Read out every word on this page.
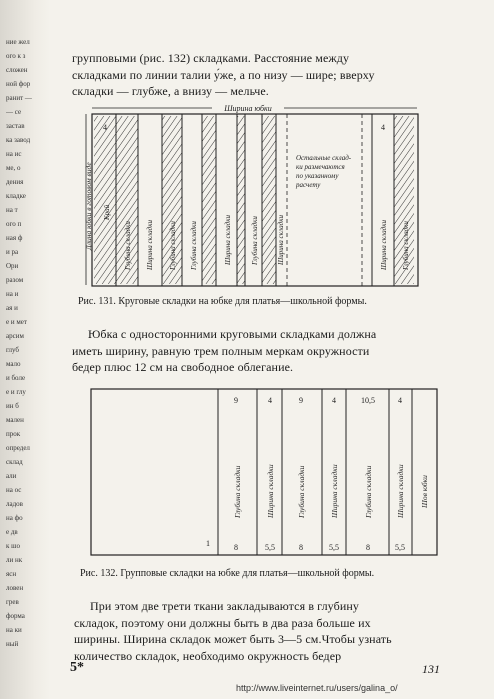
ние жел
ого к з
сложен
ной фор
ранит —
— се
застав
ка завод
на ис
ме, о
дения
кладке
на т
ого п
ная ф
и ра
Ори
разом
на и
ая и
е и мет
арсим
глуб
мало
и боле
е и глу
ин б
мален
прок
определ
склад
али
на ос
ладов
на фо
е дв
к шо
ли нк
ясн
ловен
грев
форма
на ки
ный
групповыми (рис. 132) складками. Расстояние между
складками по линии талии у́же, а по низу — шире; вверху
складки — глубже, а внизу — мельче.
Ширина юбки
Длина юбки в готовом виде
4	4
Край
Глубина складки Ширина складки Глубина складки Глубина складки	Ширина складки	Глубина складки	Ширина складки
Остальные склад-
ки размечаются
по указанному
расчету
Ширина складки Глубина складки
Рис. 131. Круговые складки на юбке для платья—школьной формы.
Юбка с односторонними круговыми складками должна
иметь ширину, равную трем полным меркам окружности
бедер плюс 12 см на свободное облегание.
9	4	9	4	10,5	4
1	8	5,5	8	5,5	8	5,5
Глубина складки	Ширина складки	Глубина складки	Ширина складки	Глубина складки	Ширина складки Шов юбки
Рис. 132. Групповые складки на юбке для платья—школьной формы.
При этом две трети ткани закладываются в глубину
складок, поэтому они должны быть в два раза больше их
ширины. Ширина складок может быть 3—5 см.Чтобы узнать
количество складок, необходимо окружность бедер
5*	131
http://www.liveinternet.ru/users/galina_o/
